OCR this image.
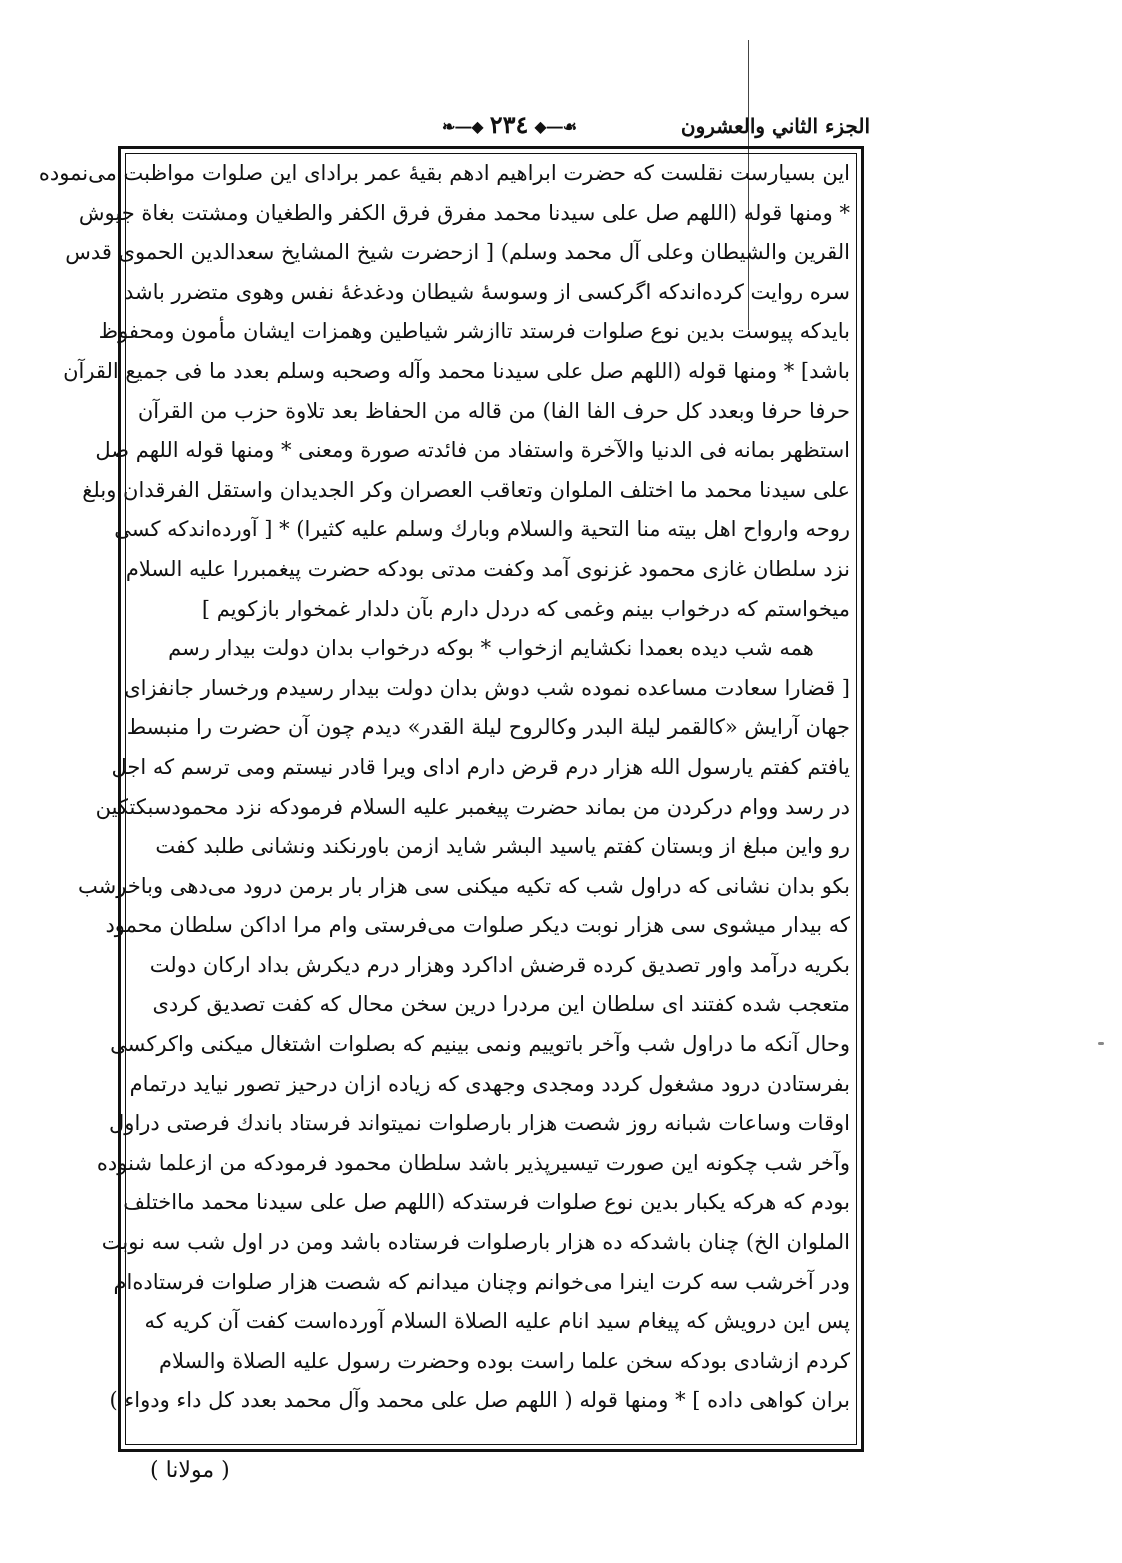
الجزء الثاني والعشرون
❧―◆ ٢٣٤ ◆―☙
این بسیارست نقلست که حضرت ابراهیم ادهم بقیهٔ عمر برادای این صلوات مواظبت می‌نموده
* ومنها قوله (اللهم صل علی سیدنا محمد مفرق فرق الکفر والطغیان ومشتت بغاة جیوش
القرین والشیطان وعلی آل محمد وسلم) [ ازحضرت شیخ المشایخ سعدالدین الحموی قدس
سره روایت کرده‌اندکه اگرکسی از وسوسهٔ شیطان ودغدغهٔ نفس وهوی متضرر باشد
بایدکه پیوست بدین نوع صلوات فرستد تاازشر شیاطین وهمزات ایشان مأمون ومحفوظ
باشد] * ومنها قوله (اللهم صل علی سیدنا محمد وآله وصحبه وسلم بعدد ما فی جمیع القرآن
حرفا حرفا وبعدد کل حرف الفا الفا) من قاله من الحفاظ بعد تلاوة حزب من القرآن
استظهر بمانه فی الدنیا والآخرة واستفاد من فائدته صورة ومعنی * ومنها قوله اللهم صل
علی سیدنا محمد ما اختلف الملوان وتعاقب العصران وکر الجدیدان واستقل الفرقدان وبلغ
روحه وارواح اهل بیته منا التحیة والسلام وبارك وسلم علیه کثیرا) * [ آورده‌اندکه کسی
نزد سلطان غازی محمود غزنوی آمد وکفت مدتی بودکه حضرت پیغمبررا علیه السلام
میخواستم که درخواب بینم وغمی که دردل دارم بآن دلدار غمخوار بازکویم ]
همه شب دیده بعمدا نکشایم ازخواب * بوکه درخواب بدان دولت بیدار رسم
[ قضارا سعادت مساعده نموده شب دوش بدان دولت بیدار رسیدم ورخسار جانفزای
جهان آرایش «کالقمر لیلة البدر وکالروح لیلة القدر» دیدم چون آن حضرت را منبسط
یافتم کفتم یارسول الله هزار درم قرض دارم ادای ویرا قادر نیستم ومی ترسم که اجل
در رسد ووام درکردن من بماند حضرت پیغمبر علیه السلام فرمودکه نزد محمودسبکتکین
رو واین مبلغ از وبستان کفتم یاسید البشر شاید ازمن باورنکند ونشانی طلبد کفت
بکو بدان نشانی که دراول شب که تکیه میکنی سی هزار بار برمن درود می‌دهی وباخرشب
که بیدار میشوی سی هزار نوبت دیکر صلوات می‌فرستی وام مرا اداکن سلطان محمود
بکریه درآمد واور تصدیق کرده قرضش اداکرد وهزار درم دیکرش بداد ارکان دولت
متعجب شده کفتند ای سلطان این مردرا درین سخن محال که کفت تصدیق کردی
وحال آنکه ما دراول شب وآخر باتوییم ونمی بینیم که بصلوات اشتغال میکنی واکرکسی
بفرستادن درود مشغول کردد ومجدی وجهدی که زیاده ازان درحیز تصور نیاید درتمام
اوقات وساعات شبانه روز شصت هزار بارصلوات نمیتواند فرستاد باندك فرصتی دراول
وآخر شب چکونه این صورت تیسیرپذیر باشد سلطان محمود فرمودکه من ازعلما شنوده
بودم که هرکه یکبار بدین نوع صلوات فرستدکه (اللهم صل علی سیدنا محمد مااختلف
الملوان الخ) چنان باشدکه ده هزار بارصلوات فرستاده باشد ومن در اول شب سه نوبت
ودر آخرشب سه کرت اینرا می‌خوانم وچنان میدانم که شصت هزار صلوات فرستاده‌ام
پس این درویش که پیغام سید انام علیه الصلاة السلام آورده‌است کفت آن کریه که
کردم ازشادی بودکه سخن علما راست بوده وحضرت رسول علیه الصلاة والسلام
بران کواهی داده ] * ومنها قوله ( اللهم صل علی محمد وآل محمد بعدد کل داء ودواء )
( مولانا )
